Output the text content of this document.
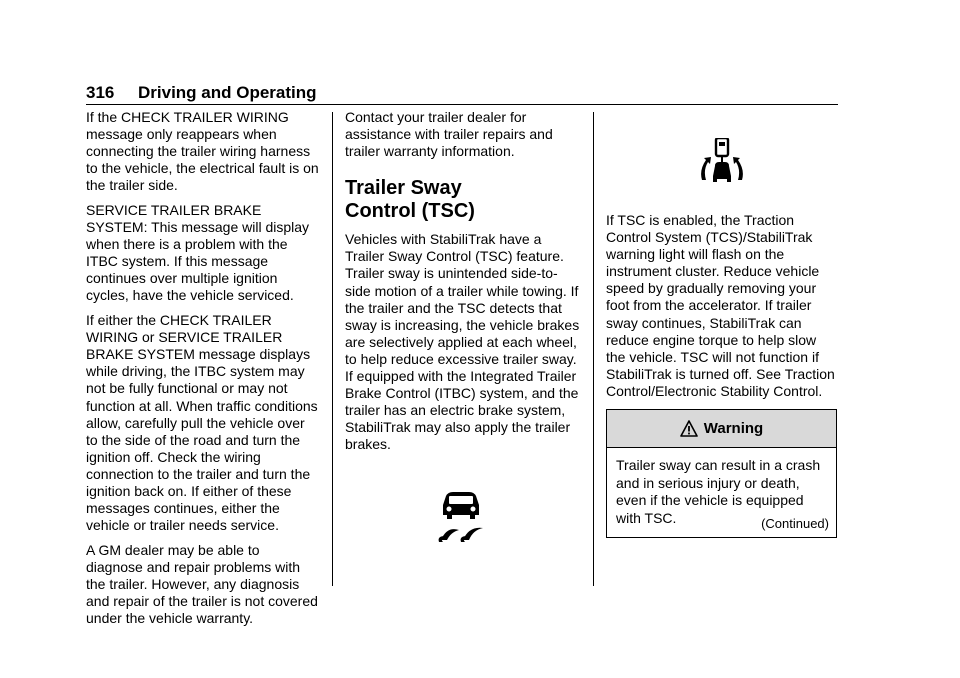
316 Driving and Operating

If the CHECK TRAILER WIRING message only reappears when connecting the trailer wiring harness to the vehicle, the electrical fault is on the trailer side.

SERVICE TRAILER BRAKE SYSTEM: This message will display when there is a problem with the ITBC system. If this message continues over multiple ignition cycles, have the vehicle serviced.

If either the CHECK TRAILER WIRING or SERVICE TRAILER BRAKE SYSTEM message displays while driving, the ITBC system may not be fully functional or may not function at all. When traffic conditions allow, carefully pull the vehicle over to the side of the road and turn the ignition off. Check the wiring connection to the trailer and turn the ignition back on. If either of these messages continues, either the vehicle or trailer needs service.

A GM dealer may be able to diagnose and repair problems with the trailer. However, any diagnosis and repair of the trailer is not covered under the vehicle warranty.

Contact your trailer dealer for assistance with trailer repairs and trailer warranty information.

Trailer Sway
Control (TSC)

Vehicles with StabiliTrak have a Trailer Sway Control (TSC) feature. Trailer sway is unintended side-to-side motion of a trailer while towing. If the trailer and the TSC detects that sway is increasing, the vehicle brakes are selectively applied at each wheel, to help reduce excessive trailer sway. If equipped with the Integrated Trailer Brake Control (ITBC) system, and the trailer has an electric brake system, StabiliTrak may also apply the trailer brakes.

If TSC is enabled, the Traction Control System (TCS)/StabiliTrak warning light will flash on the instrument cluster. Reduce vehicle speed by gradually removing your foot from the accelerator. If trailer sway continues, StabiliTrak can reduce engine torque to help slow the vehicle. TSC will not function if StabiliTrak is turned off. See Traction Control/Electronic Stability Control.

Warning
Trailer sway can result in a crash and in serious injury or death, even if the vehicle is equipped with TSC.	(Continued)
